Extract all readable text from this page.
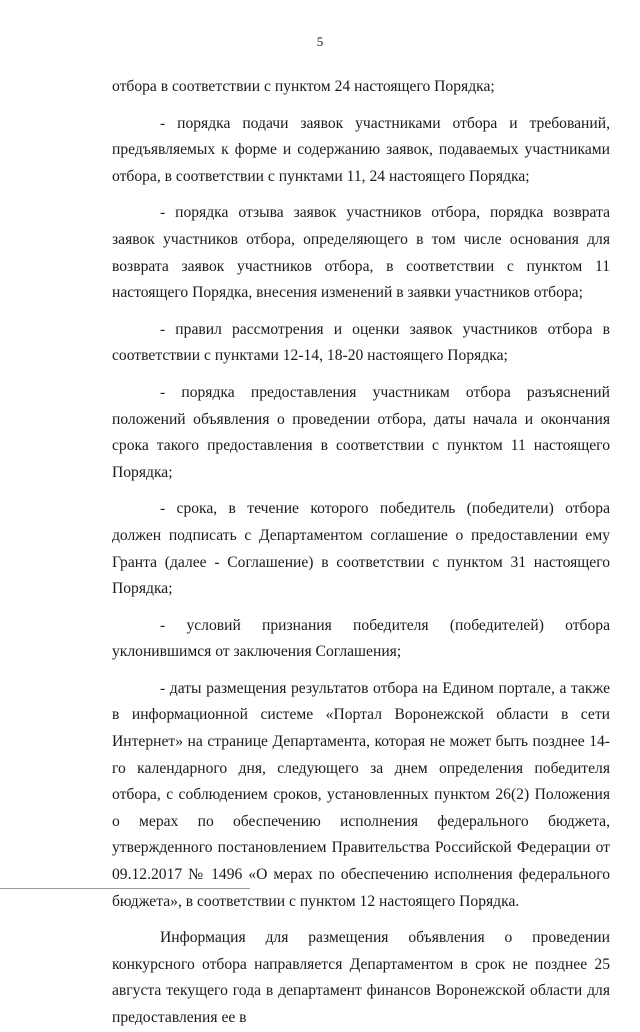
5

отбора в соответствии с пунктом 24 настоящего Порядка;

- порядка подачи заявок участниками отбора и требований, предъявляемых к форме и содержанию заявок, подаваемых участниками отбора, в соответствии с пунктами 11, 24 настоящего Порядка;

- порядка отзыва заявок участников отбора, порядка возврата заявок участников отбора, определяющего в том числе основания для возврата заявок участников отбора, в соответствии с пунктом 11 настоящего Порядка, внесения изменений в заявки участников отбора;

- правил рассмотрения и оценки заявок участников отбора в соответствии с пунктами 12-14, 18-20 настоящего Порядка;

- порядка предоставления участникам отбора разъяснений положений объявления о проведении отбора, даты начала и окончания срока такого предоставления в соответствии с пунктом 11 настоящего Порядка;

- срока, в течение которого победитель (победители) отбора должен подписать с Департаментом соглашение о предоставлении ему Гранта (далее - Соглашение) в соответствии с пунктом 31 настоящего Порядка;

- условий признания победителя (победителей) отбора уклонившимся от заключения Соглашения;

- даты размещения результатов отбора на Едином портале, а также в информационной системе «Портал Воронежской области в сети Интернет» на странице Департамента, которая не может быть позднее 14-го календарного дня, следующего за днем определения победителя отбора, с соблюдением сроков, установленных пунктом 26(2) Положения о мерах по обеспечению исполнения федерального бюджета, утвержденного постановлением Правительства Российской Федерации от 09.12.2017 № 1496 «О мерах по обеспечению исполнения федерального бюджета», в соответствии с пунктом 12 настоящего Порядка.

Информация для размещения объявления о проведении конкурсного отбора направляется Департаментом в срок не позднее 25 августа текущего года в департамент финансов Воронежской области для предоставления ее в
